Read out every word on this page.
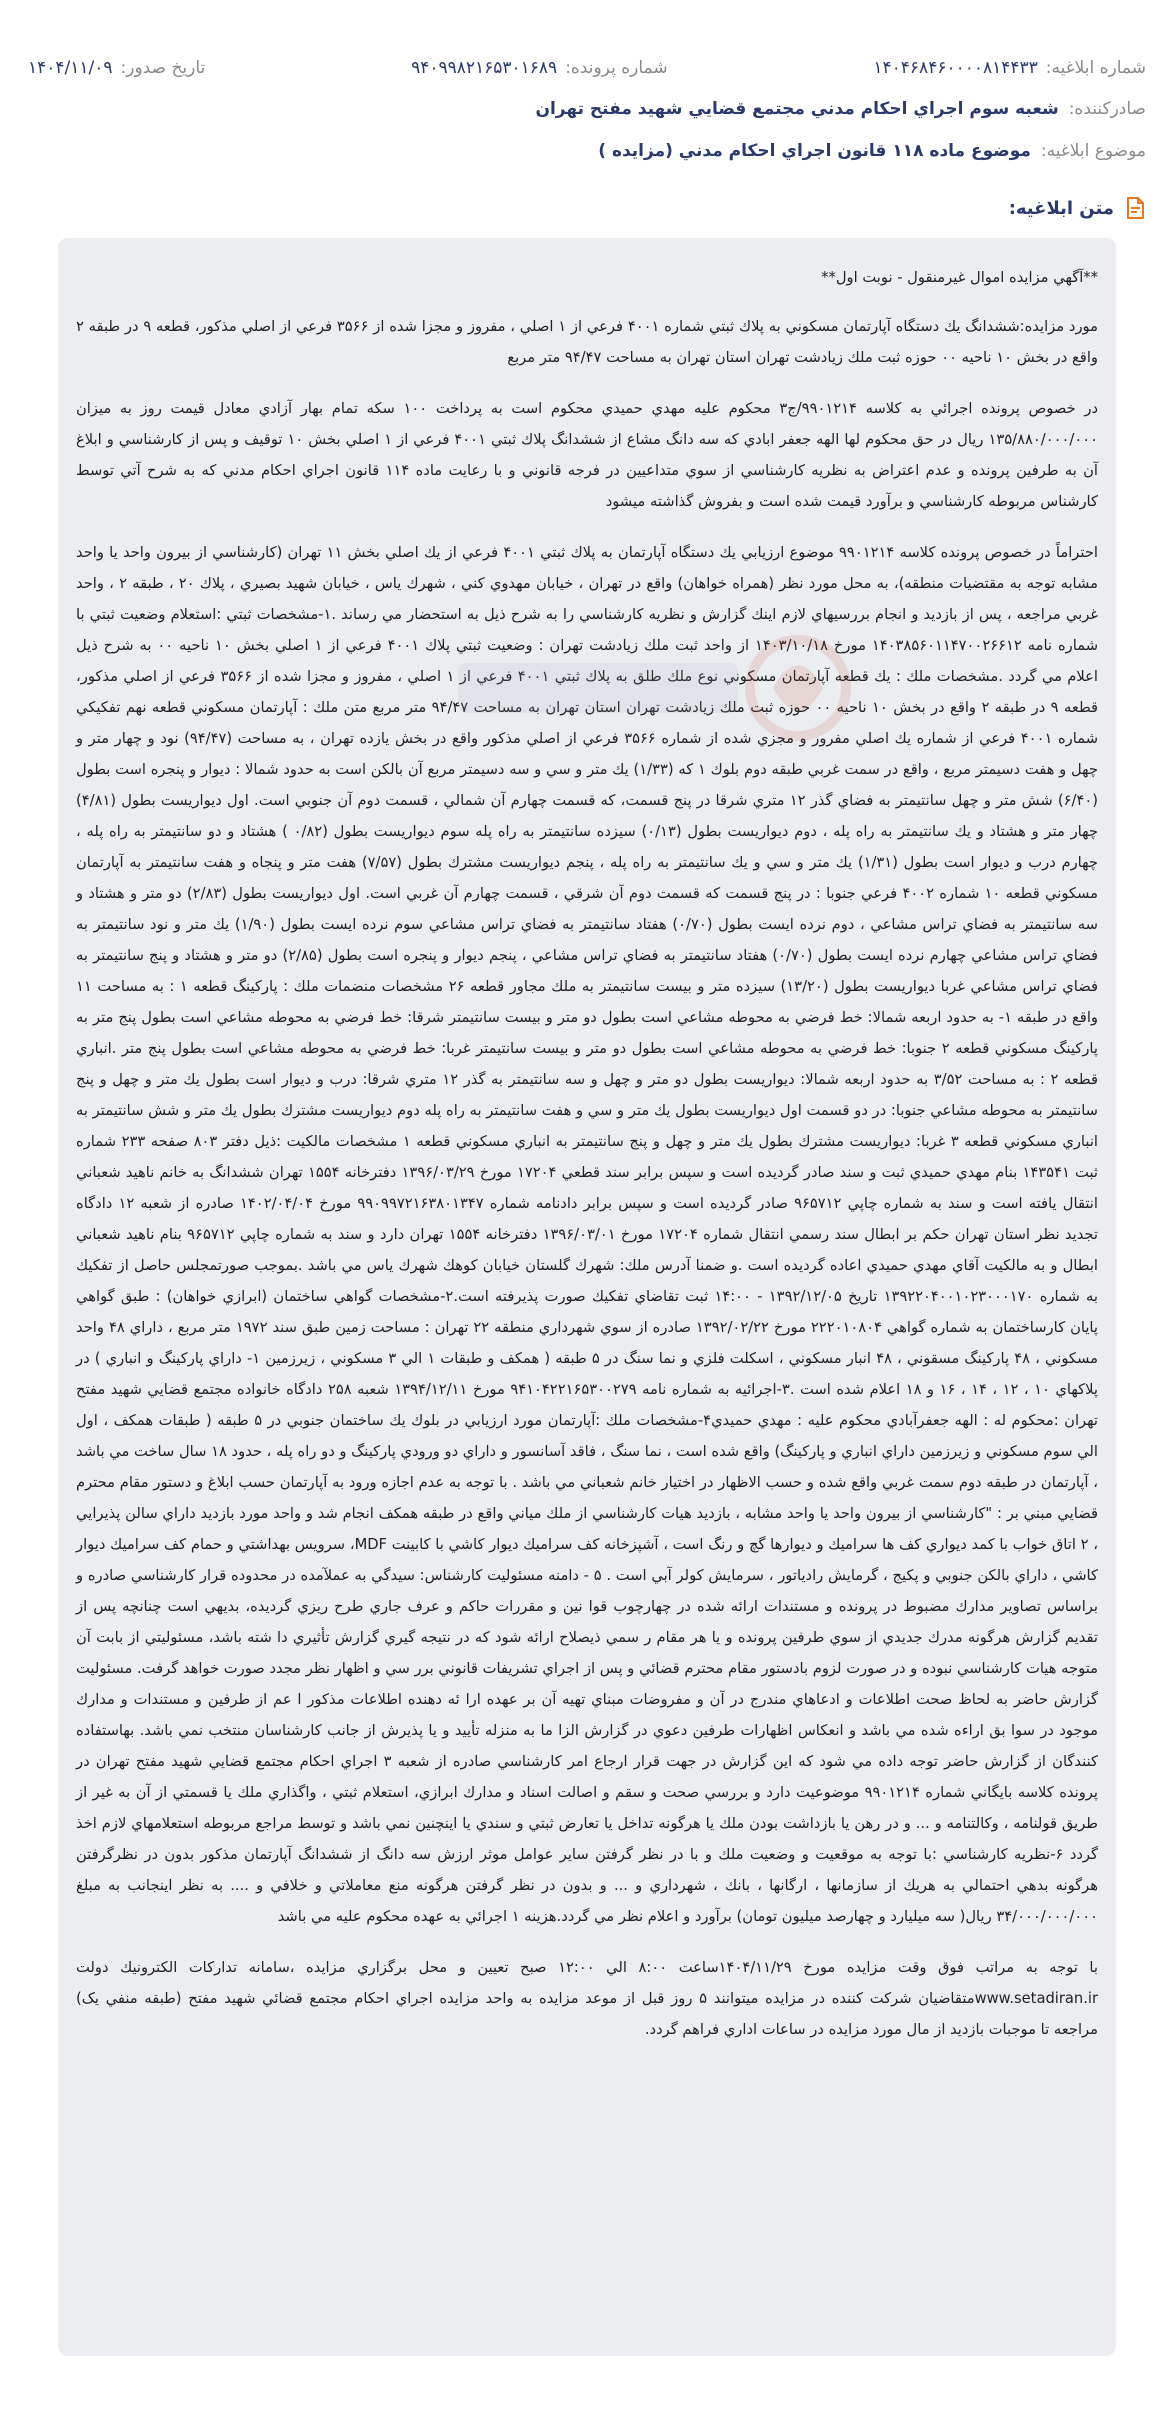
شماره ابلاغيه:
۱۴۰۴۶۸۴۶۰۰۰۰۸۱۴۴۳۳
شماره پرونده:
۹۴۰۹۹۸۲۱۶۵۳۰۱۶۸۹
تاريخ صدور:
۱۴۰۴/۱۱/۰۹
صادرکننده:
شعبه سوم اجراي احکام مدني مجتمع قضايي شهيد مفتح تهران
موضوع ابلاغيه:
موضوع ماده ۱۱۸ قانون اجراي احکام مدني (مزايده )
متن ابلاغيه:

**آگهي مزايده اموال غيرمنقول - نوبت اول**

مورد مزايده:ششدانگ يك دستگاه آپارتمان مسكوني به پلاك ثبتي شماره ۴۰۰۱ فرعي از ۱ اصلي ، مفروز و مجزا شده از ۳۵۶۶ فرعي از اصلي مذكور، قطعه ۹ در طبقه ۲ واقع در بخش ۱۰ ناحيه ۰۰ حوزه ثبت ملك زيادشت تهران استان تهران به مساحت ۹۴/۴۷ متر مربع

در خصوص پرونده اجرائي به كلاسه ۹۹۰۱۲۱۴/ج۳ محكوم عليه مهدي حميدي محكوم است به پرداخت ۱۰۰ سكه تمام بهار آزادي معادل قيمت روز به ميزان ۱۳۵/۸۸۰/۰۰۰/۰۰۰ ريال در حق محكوم لها الهه جعفر ابادي كه سه دانگ مشاع از ششدانگ پلاك ثبتي ۴۰۰۱ فرعي از ۱ اصلي بخش ۱۰ توقيف و پس از كارشناسي و ابلاغ آن به طرفين پرونده و عدم اعتراض به نظريه كارشناسي از سوي متداعيين در فرجه قانوني و با رعايت ماده ۱۱۴ قانون اجراي احكام مدني كه به شرح آتي توسط كارشناس مربوطه كارشناسي و برآورد قيمت شده است و بفروش گذاشته ميشود

احتراماً در خصوص پرونده كلاسه ۹۹۰۱۲۱۴ موضوع ارزيابي يك دستگاه آپارتمان به پلاك ثبتي ۴۰۰۱ فرعي از يك اصلي بخش ۱۱ تهران (كارشناسي از بيرون واحد يا واحد مشابه توجه به مقتضيات منطقه)، به محل مورد نظر (همراه خواهان) واقع در تهران ، خيابان مهدوي كني ، شهرك ياس ، خيابان شهيد بصيري ، پلاك ۲۰ ، طبقه ۲ ، واحد غربي مراجعه ، پس از بازديد و انجام بررسيهاي لازم اينك گزارش و نظريه كارشناسي را به شرح ذيل به استحضار مي رساند .۱-مشخصات ثبتي :استعلام وضعيت ثبتي با شماره نامه ۱۴۰۳۸۵۶۰۱۱۴۷۰۰۲۶۶۱۲ مورخ ۱۴۰۳/۱۰/۱۸ از واحد ثبت ملك زيادشت تهران : وضعيت ثبتي پلاك ۴۰۰۱ فرعي از ۱ اصلي بخش ۱۰ ناحيه ۰۰ به شرح ذيل اعلام مي گردد .مشخصات ملك : يك قطعه آپارتمان مسكوني نوع ملك طلق به پلاك ثبتي ۴۰۰۱ فرعي از ۱ اصلي ، مفروز و مجزا شده از ۳۵۶۶ فرعي از اصلي مذكور، قطعه ۹ در طبقه ۲ واقع در بخش ۱۰ ناحيه ۰۰ حوزه ثبت ملك زيادشت تهران استان تهران به مساحت ۹۴/۴۷ متر مربع متن ملك : آپارتمان مسكوني قطعه نهم تفكيكي شماره ۴۰۰۱ فرعي از شماره يك اصلي مفرور و مجزي شده از شماره ۳۵۶۶ فرعي از اصلي مذكور واقع در بخش يازده تهران ، به مساحت (۹۴/۴۷) نود و چهار متر و چهل و هفت دسيمتر مربع ، واقع در سمت غربي طبقه دوم بلوك ۱ كه (۱/۳۳) يك متر و سي و سه دسيمتر مربع آن بالكن است به حدود شمالا : ديوار و پنجره است بطول (۶/۴۰) شش متر و چهل سانتيمتر به فضاي گذر ۱۲ متري شرقا در پنج قسمت، كه قسمت چهارم آن شمالي ، قسمت دوم آن جنوبي است. اول ديواريست بطول (۴/۸۱) چهار متر و هشتاد و يك سانتيمتر به راه پله ، دوم ديواريست بطول (۰/۱۳) سيزده سانتيمتر به راه پله سوم ديواريست بطول (۰/۸۲ ) هشتاد و دو سانتيمتر به راه پله ، چهارم درب و ديوار است بطول (۱/۳۱) يك متر و سي و يك سانتيمتر به راه پله ، پنجم ديواريست مشترك بطول (۷/۵۷) هفت متر و پنجاه و هفت سانتيمتر به آپارتمان مسكوني قطعه ۱۰ شماره ۴۰۰۲ فرعي جنوبا : در پنج قسمت كه قسمت دوم آن شرقي ، قسمت چهارم آن غربي است. اول ديواريست بطول (۲/۸۳) دو متر و هشتاد و سه سانتيمتر به فضاي تراس مشاعي ، دوم نرده ايست بطول (۰/۷۰) هفتاد سانتيمتر به فضاي تراس مشاعي سوم نرده ايست بطول (۱/۹۰) يك متر و نود سانتيمتر به فضاي تراس مشاعي چهارم نرده ايست بطول (۰/۷۰) هفتاد سانتيمتر به فضاي تراس مشاعي ، پنجم ديوار و پنجره است بطول (۲/۸۵) دو متر و هشتاد و پنج سانتيمتر به فضاي تراس مشاعي غربا ديواريست بطول (۱۳/۲۰) سيزده متر و بيست سانتيمتر به ملك مجاور قطعه ۲۶ مشخصات منضمات ملك : پاركينگ قطعه ۱ : به مساحت ۱۱ واقع در طبقه ۱- به حدود اربعه شمالا: خط فرضي به محوطه مشاعي است بطول دو متر و بيست سانتيمتر شرقا: خط فرضي به محوطه مشاعي است بطول پنج متر به پاركينگ مسكوني قطعه ۲ جنوبا: خط فرضي به محوطه مشاعي است بطول دو متر و بيست سانتيمتر غربا: خط فرضي به محوطه مشاعي است بطول پنج متر .انباري قطعه ۲ : به مساحت ۳/۵۲ به حدود اربعه شمالا: ديواريست بطول دو متر و چهل و سه سانتيمتر به گذر ۱۲ متري شرقا: درب و ديوار است بطول يك متر و چهل و پنج سانتيمتر به محوطه مشاعي جنوبا: در دو قسمت اول ديواريست بطول يك متر و سي و هفت سانتيمتر به راه پله دوم ديواريست مشترك بطول يك متر و شش سانتيمتر به انباري مسكوني قطعه ۳ غربا: ديواريست مشترك بطول يك متر و چهل و پنج سانتيمتر به انباري مسكوني قطعه ۱ مشخصات مالكيت :ذيل دفتر ۸۰۳ صفحه ۲۳۳ شماره ثبت ۱۴۳۵۴۱ بنام مهدي حميدي ثبت و سند صادر گرديده است و سپس برابر سند قطعي ۱۷۲۰۴ مورخ ۱۳۹۶/۰۳/۲۹ دفترخانه ۱۵۵۴ تهران ششدانگ به خانم ناهيد شعباني انتقال يافته است و سند به شماره چاپي ۹۶۵۷۱۲ صادر گرديده است و سپس برابر دادنامه شماره ۹۹۰۹۹۷۲۱۶۳۸۰۱۳۴۷ مورخ ۱۴۰۲/۰۴/۰۴ صادره از شعبه ۱۲ دادگاه تجديد نظر استان تهران حكم بر ابطال سند رسمي انتقال شماره ۱۷۲۰۴ مورخ ۱۳۹۶/۰۳/۰۱ دفترخانه ۱۵۵۴ تهران دارد و سند به شماره چاپي ۹۶۵۷۱۲ بنام ناهيد شعباني ابطال و به مالكيت آقاي مهدي حميدي اعاده گرديده است .و ضمنا آدرس ملك: شهرك گلستان خيابان كوهك شهرك ياس مي باشد .بموجب صورتمجلس حاصل از تفكيك به شماره ۱۳۹۲۲۰۴۰۰۱۰۲۳۰۰۰۱۷۰ تاريخ ۱۳۹۲/۱۲/۰۵ - ۱۴:۰۰ ثبت تقاضاي تفكيك صورت پذيرفته است.۲-مشخصات گواهي ساختمان (ابرازي خواهان) : طبق گواهي پايان كارساختمان به شماره گواهي ۲۲۲۰۱۰۸۰۴ مورخ ۱۳۹۲/۰۲/۲۲ صادره از سوي شهرداري منطقه ۲۲ تهران : مساحت زمين طبق سند ۱۹۷۲ متر مربع ، داراي ۴۸ واحد مسكوني ، ۴۸ پاركينگ مسقوني ، ۴۸ انبار مسكوني ، اسكلت فلزي و نما سنگ در ۵ طبقه ( همكف و طبقات ۱ الي ۳ مسكوني ، زيرزمين ۱- داراي پاركينگ و انباري ) در پلاكهاي ۱۰ ، ۱۲ ، ۱۴ ، ۱۶ و ۱۸ اعلام شده است .۳-اجرائيه به شماره نامه ۹۴۱۰۴۲۲۱۶۵۳۰۰۲۷۹ مورخ ۱۳۹۴/۱۲/۱۱ شعبه ۲۵۸ دادگاه خانواده مجتمع قضايي شهيد مفتح تهران :محكوم له : الهه جعفرآبادي محكوم عليه : مهدي حميدي۴-مشخصات ملك :آپارتمان مورد ارزيابي در بلوك يك ساختمان جنوبي در ۵ طبقه ( طبقات همكف ، اول الي سوم مسكوني و زيرزمين داراي انباري و پاركينگ) واقع شده است ، نما سنگ ، فاقد آسانسور و داراي دو ورودي پاركينگ و دو راه پله ، حدود ۱۸ سال ساخت مي باشد ، آپارتمان در طبقه دوم سمت غربي واقع شده و حسب الاظهار در اختيار خانم شعباني مي باشد . با توجه به عدم اجازه ورود به آپارتمان حسب ابلاغ و دستور مقام محترم قضايي مبني بر : "كارشناسي از بيرون واحد يا واحد مشابه ، بازديد هيات كارشناسي از ملك مياني واقع در طبقه همكف انجام شد و واحد مورد بازديد داراي سالن پذيرايي ، ۲ اتاق خواب با كمد ديواري كف ها سراميك و ديوارها گچ و رنگ است ، آشپزخانه كف سراميك ديوار كاشي با كابينت MDF، سرويس بهداشتي و حمام كف سراميك ديوار كاشي ، داراي بالكن جنوبي و پكيج ، گرمايش رادياتور ، سرمايش كولر آبي است . ۵ - دامنه مسئوليت كارشناس: سيدگي به عملآمده در محدوده قرار كارشناسي صادره و براساس تصاوير مدارك مضبوط در پرونده و مستندات ارائه شده در چهارچوب قوا نين و مقررات حاكم و عرف جاري طرح ريزي گرديده، بديهي است چنانچه پس از تقديم گزارش هرگونه مدرك جديدي از سوي طرفين پرونده و يا هر مقام ر سمي ذيصلاح ارائه شود كه در نتيجه گيري گزارش تأثيري دا شته باشد، مسئوليتي از بابت آن متوجه هيات كارشناسي نبوده و در صورت لزوم بادستور مقام محترم قضائي و پس از اجراي تشريفات قانوني برر سي و اظهار نظر مجدد صورت خواهد گرفت. مسئوليت گزارش حاضر به لحاظ صحت اطلاعات و ادعاهاي مندرج در آن و مفروضات مبناي تهيه آن بر عهده ارا ئه دهنده اطلاعات مذكور ا عم از طرفين و مستندات و مدارك موجود در سوا بق اراءه شده مي باشد و انعكاس اظهارات طرفين دعوي در گزارش الزا ما به منزله تأييد و يا پذيرش از جانب كارشناسان منتخب نمي باشد. بهاستفاده كنندگان از گزارش حاضر توجه داده مي شود كه اين گزارش در جهت قرار ارجاع امر كارشناسي صادره از شعبه ۳ اجراي احكام مجتمع قضايي شهيد مفتح تهران در پرونده كلاسه بايگاني شماره ۹۹۰۱۲۱۴ موضوعيت دارد و بررسي صحت و سقم و اصالت اسناد و مدارك ابرازي، استعلام ثبتي ، واگذاري ملك يا قسمتي از آن به غير از طريق قولنامه ، وكالتنامه و ... و در رهن يا بازداشت بودن ملك يا هرگونه تداخل يا تعارض ثبتي و سندي يا اينچنين نمي باشد و توسط مراجع مربوطه استعلامهاي لازم اخذ گردد ۶-نظريه كارشناسي :با توجه به موقعيت و وضعيت ملك و با در نظر گرفتن ساير عوامل موثر ارزش سه دانگ از ششدانگ آپارتمان مذكور بدون در نظرگرفتن هرگونه بدهي احتمالي به هريك از سازمانها ، ارگانها ، بانك ، شهرداري و ... و بدون در نظر گرفتن هرگونه منع معاملاتي و خلافي و .... به نظر اينجانب به مبلغ ۳۴/۰۰۰/۰۰۰/۰۰۰ ريال( سه ميليارد و چهارصد ميليون تومان) برآورد و اعلام نظر مي گردد.هزينه ۱ اجرائي به عهده محكوم عليه مي باشد

با توجه به مراتب فوق وقت مزايده مورخ ۱۴۰۴/۱۱/۲۹ساعت ۸:۰۰ الي ۱۲:۰۰ صبح تعيين و محل برگزاري مزايده ،سامانه تداركات الكترونيك دولت www.setadiran.irمتقاضيان شركت كننده در مزايده ميتوانند ۵ روز قبل از موعد مزايده به واحد مزايده اجراي احكام مجتمع قضائي شهيد مفتح (طبقه منفي يک) مراجعه تا موجبات بازديد از مال مورد مزايده در ساعات اداري فراهم گردد.
